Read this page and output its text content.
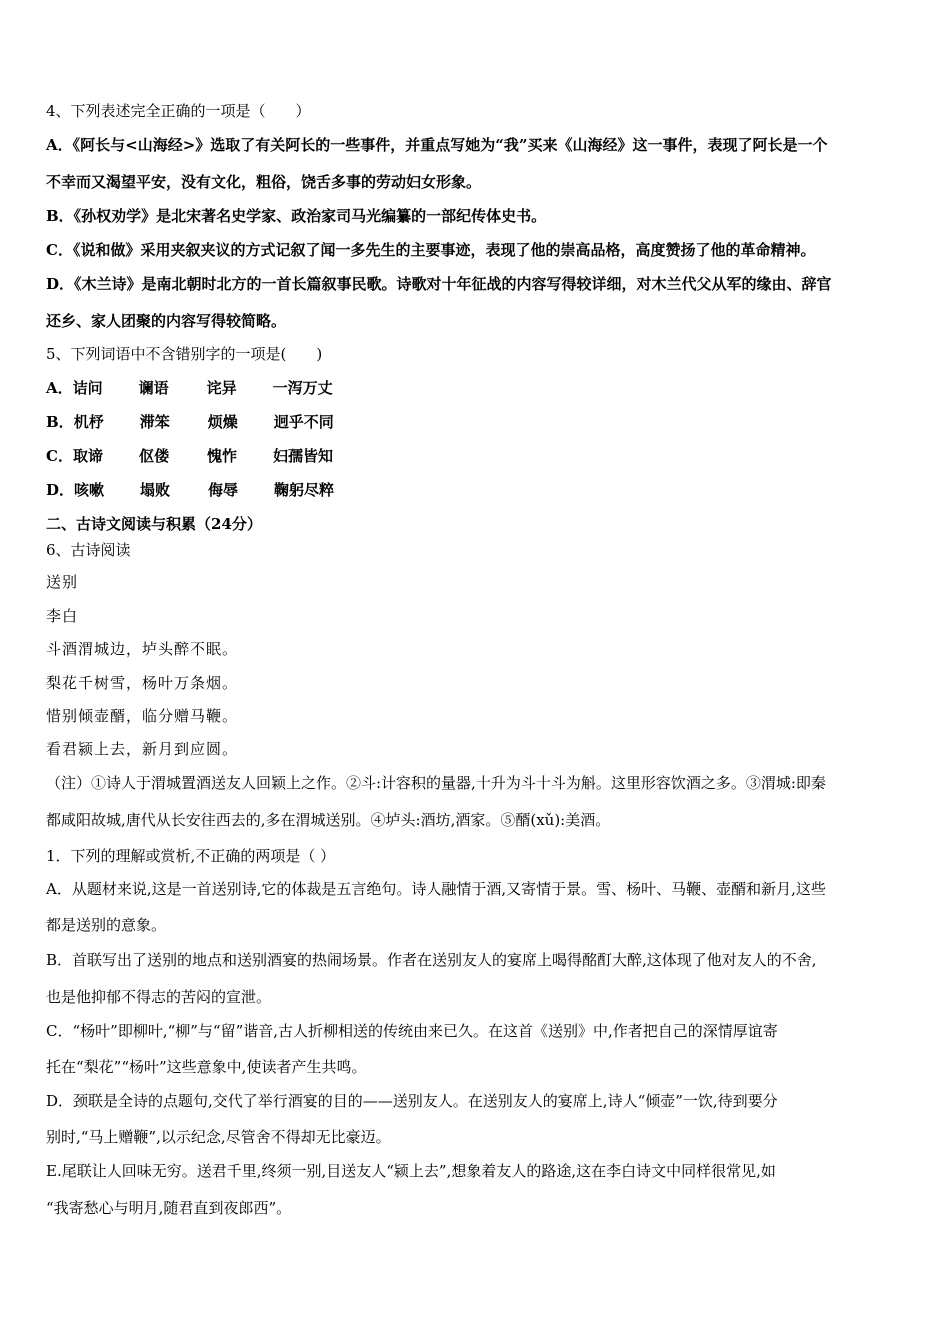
4、下列表述完全正确的一项是（　　）
A．《阿长与<山海经>》选取了有关阿长的一些事件，并重点写她为“我”买来《山海经》这一事件，表现了阿长是一个
不幸而又渴望平安，没有文化，粗俗，饶舌多事的劳动妇女形象。
B．《孙权劝学》是北宋著名史学家、政治家司马光编纂的一部纪传体史书。
C．《说和做》采用夹叙夹议的方式记叙了闻一多先生的主要事迹，表现了他的崇高品格，高度赞扬了他的革命精神。
D．《木兰诗》是南北朝时北方的一首长篇叙事民歌。诗歌对十年征战的内容写得较详细，对木兰代父从军的缘由、辞官
还乡、家人团聚的内容写得较简略。
5、下列词语中不含错别字的一项是(　　)
A．诘问 谰语	诧异 一泻万丈
B．机杼 滞笨	烦燥 迥乎不同
C．取谛 伛偻	愧怍 妇孺皆知
D．咳嗽 塌败	侮辱 鞠躬尽粹
二、古诗文阅读与积累（24分）
6、古诗阅读
送别
李白
斗酒渭城边，垆头醉不眠。
梨花千树雪，杨叶万条烟。
惜别倾壶醑，临分赠马鞭。
看君颍上去，新月到应圆。
（注）①诗人于渭城置酒送友人回颖上之作。②斗:计容积的量器,十升为斗十斗为斛。这里形容饮酒之多。③渭城:即秦
都咸阳故城,唐代从长安往西去的,多在渭城送别。④垆头:酒坊,酒家。⑤醑(xǔ):美酒。
1．下列的理解或赏析,不正确的两项是（ ）
A．从题材来说,这是一首送别诗,它的体裁是五言绝句。诗人融情于酒,又寄情于景。雪、杨叶、马鞭、壶醑和新月,这些
都是送别的意象。
B．首联写出了送别的地点和送别酒宴的热闹场景。作者在送别友人的宴席上喝得酩酊大醉,这体现了他对友人的不舍,
也是他抑郁不得志的苦闷的宣泄。
C．“杨叶”即柳叶,“柳”与“留”谐音,古人折柳相送的传统由来已久。在这首《送别》中,作者把自己的深情厚谊寄
托在“梨花”“杨叶”这些意象中,使读者产生共鸣。
D．颈联是全诗的点题句,交代了举行酒宴的目的——送别友人。在送别友人的宴席上,诗人“倾壶”一饮,待到要分
别时,“马上赠鞭”,以示纪念,尽管舍不得却无比豪迈。
E.尾联让人回味无穷。送君千里,终须一别,目送友人“颍上去”,想象着友人的路途,这在李白诗文中同样很常见,如
“我寄愁心与明月,随君直到夜郎西”。
